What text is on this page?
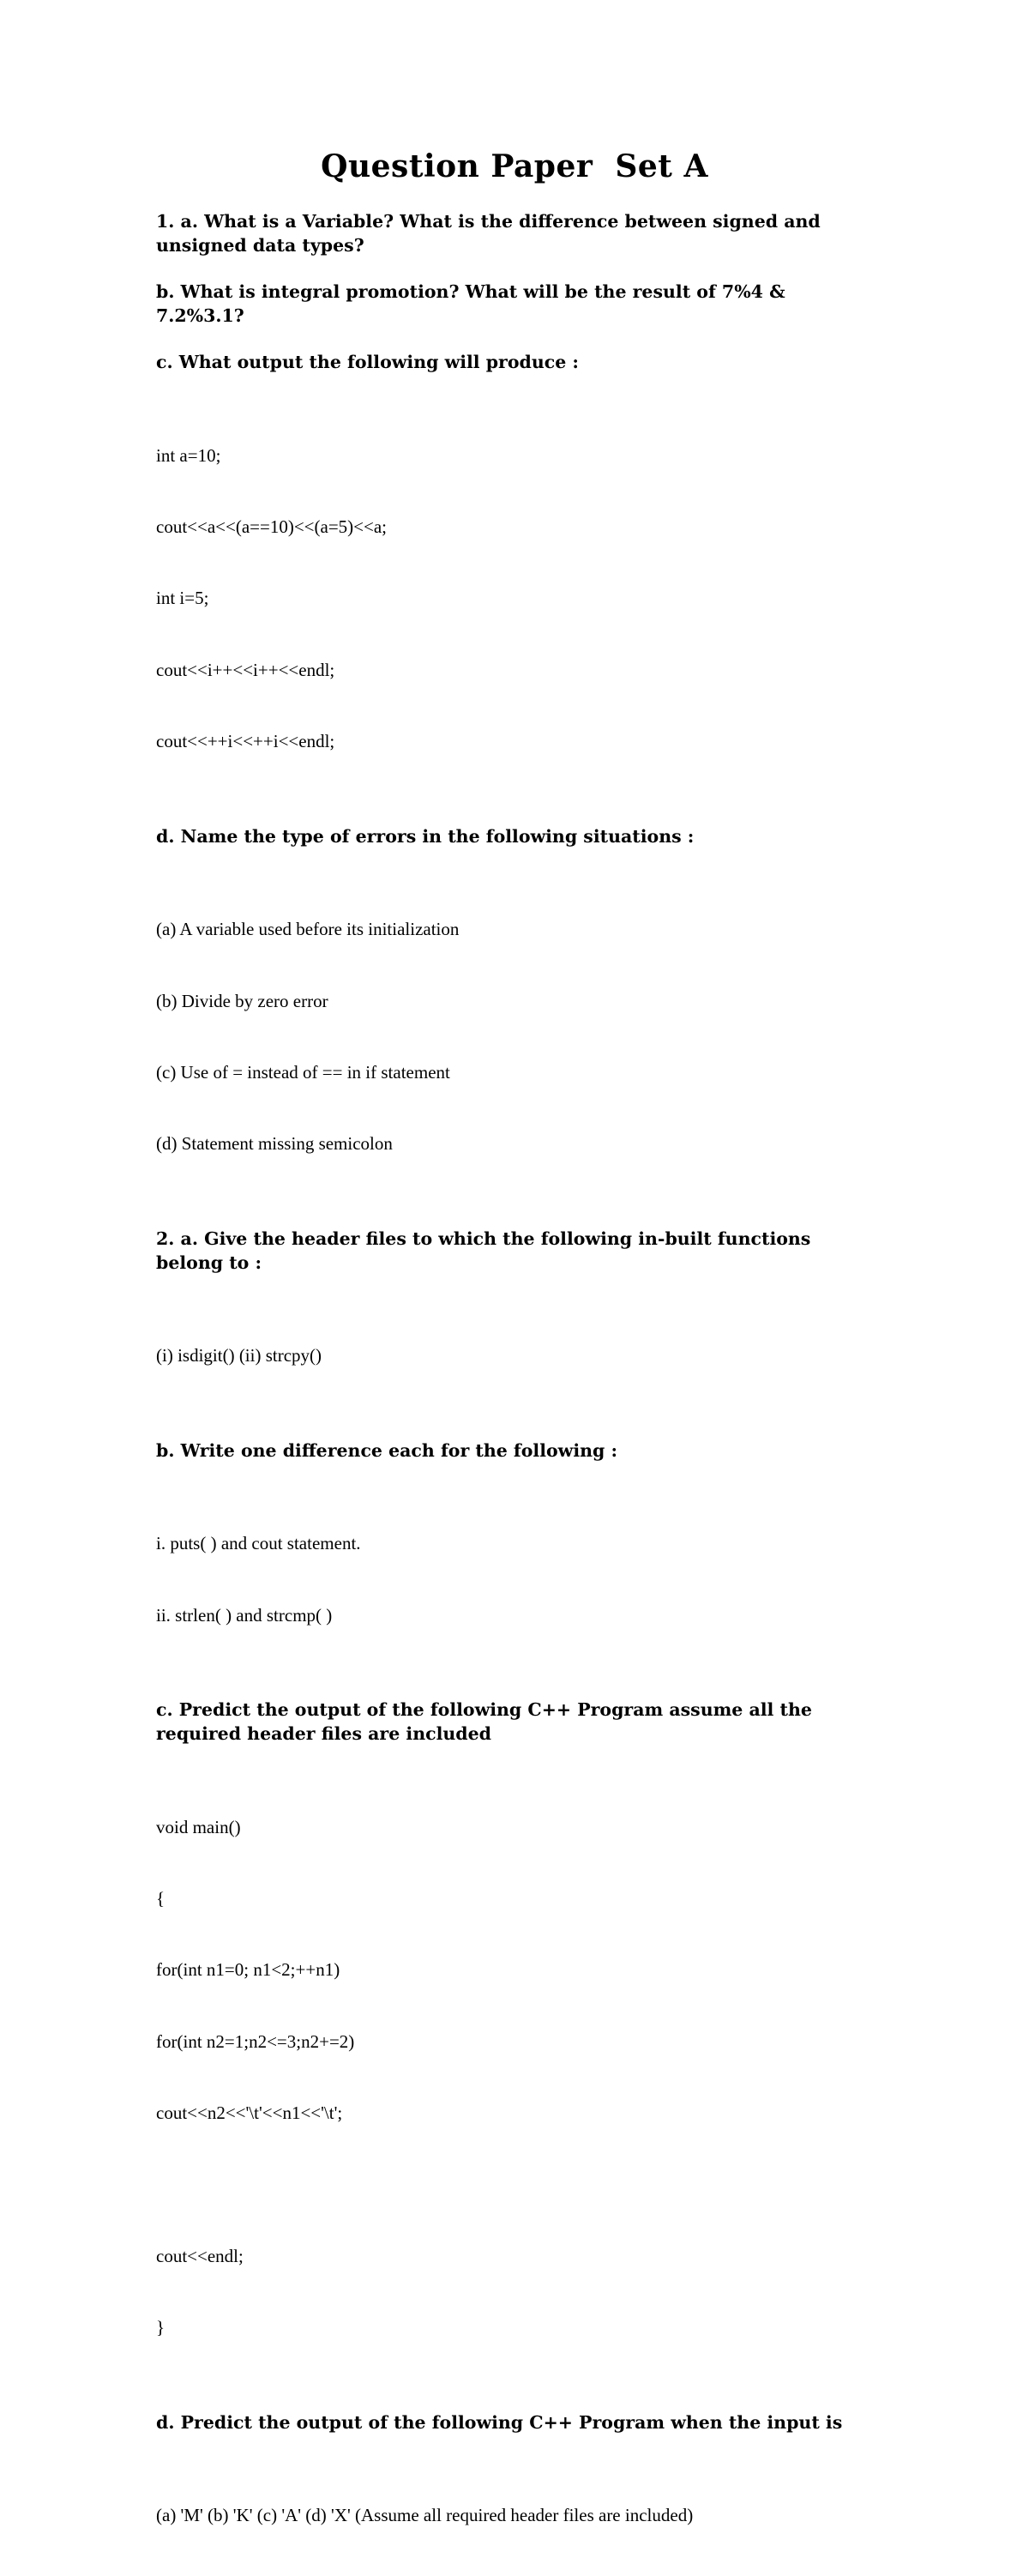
Question Paper  Set A
1. a. What is a Variable? What is the difference between signed and unsigned data types?
b. What is integral promotion? What will be the result of 7%4 & 7.2%3.1?
c. What output the following will produce :

int a=10;

cout<<a<<(a==10)<<(a=5)<<a;

int i=5;

cout<<i++<<i++<<endl;

cout<<++i<<++i<<endl;

d. Name the type of errors in the following situations :

(a) A variable used before its initialization

(b) Divide by zero error

(c) Use of = instead of == in if statement

(d) Statement missing semicolon

2. a. Give the header files to which the following in-built functions belong to :

(i) isdigit() (ii) strcpy()

b. Write one difference each for the following :

i. puts( ) and cout statement.

ii. strlen( ) and strcmp( )

c. Predict the output of the following C++ Program assume all the required header files are included

void main()

{

for(int n1=0; n1<2;++n1)

for(int n2=1;n2<=3;n2+=2)

cout<<n2<<'\t'<<n1<<'\t';

cout<<endl;

}

d. Predict the output of the following C++ Program when the input is

(a) 'M' (b) 'K' (c) 'A' (d) 'X' (Assume all required header files are included)
